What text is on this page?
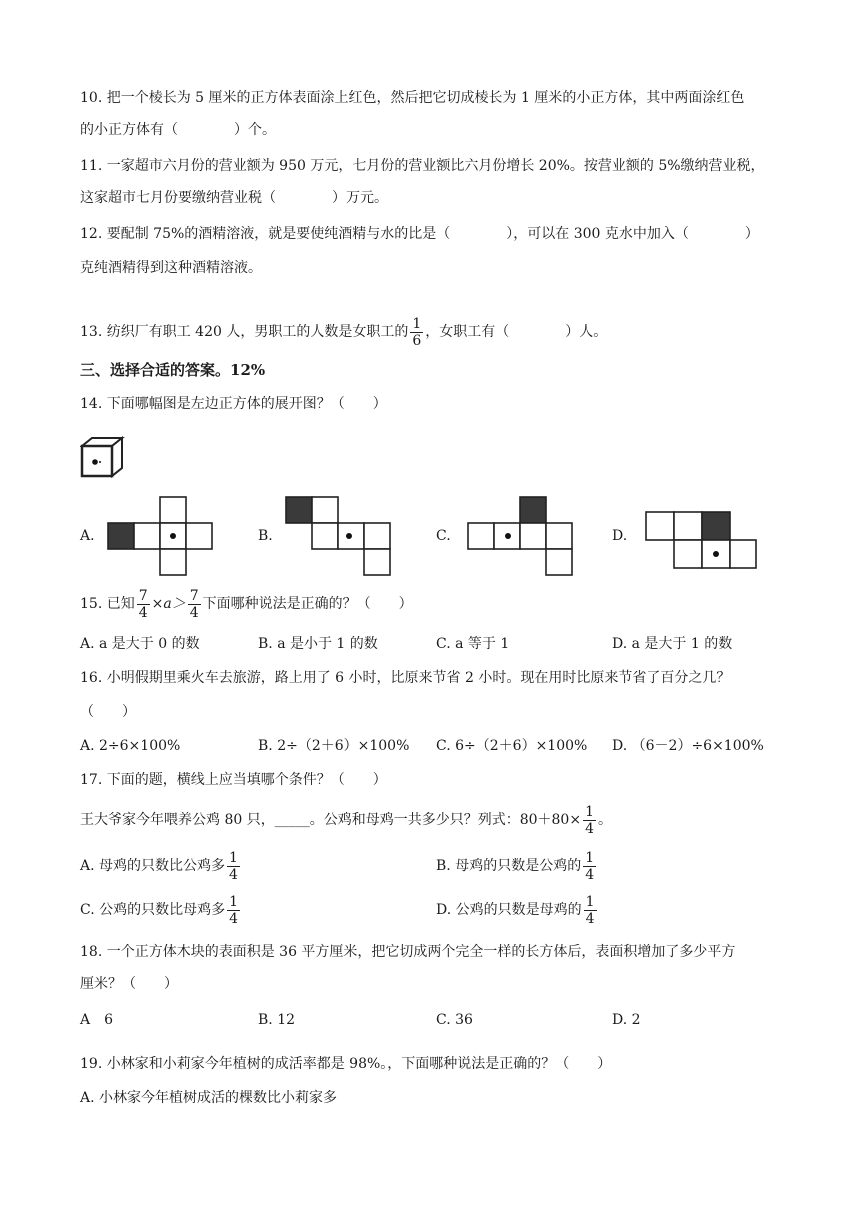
10. 把一个棱长为 5 厘米的正方体表面涂上红色，然后把它切成棱长为 1 厘米的小正方体，其中两面涂红色
的小正方体有（　　　　）个。
11. 一家超市六月份的营业额为 950 万元，七月份的营业额比六月份增长 20%。按营业额的 5%缴纳营业税，
这家超市七月份要缴纳营业税（　　　　）万元。
12. 要配制 75%的酒精溶液，就是要使纯酒精与水的比是（　　　　），可以在 300 克水中加入（　　　　）
克纯酒精得到这种酒精溶液。
13. 纺织厂有职工 420 人，男职工的人数是女职工的 $\frac{1}{6}$ ，女职工有（　　　　）人。
三、选择合适的答案。12%
14. 下面哪幅图是左边正方体的展开图？（　　）
A.	B.	C.	D.
15. 已知 $\frac{7}{4} \times a> \frac{7}{4}$ 下面哪种说法是正确的？（　　）
A. a 是大于 0 的数	B. a 是小于 1 的数	C. a 等于 1	D. a 是大于 1 的数
16. 小明假期里乘火车去旅游，路上用了 6 小时，比原来节省 2 小时。现在用时比原来节省了百分之几？
（　　）
A. 2÷6×100%	B. 2÷（2＋6）×100% C. 6÷（2＋6）×100% D. （6－2）÷6×100%
17. 下面的题，横线上应当填哪个条件？（　　）
王大爷家今年喂养公鸡 80 只，_____。公鸡和母鸡一共多少只？列式：$80+80\times \frac{1}{4}$ 。
A. 母鸡的只数比公鸡多 $\frac{1}{4}$	B. 母鸡的只数是公鸡的 $\frac{1}{4}$
C. 公鸡的只数比母鸡多 $\frac{1}{4}$	D. 公鸡的只数是母鸡的 $\frac{1}{4}$
18. 一个正方体木块的表面积是 36 平方厘米，把它切成两个完全一样的长方体后，表面积增加了多少平方
厘米？（　　）
A　6	B. 12	C. 36	D. 2
19. 小林家和小莉家今年植树的成活率都是 98%。，下面哪种说法是正确的？（　　）
A. 小林家今年植树成活的棵数比小莉家多
